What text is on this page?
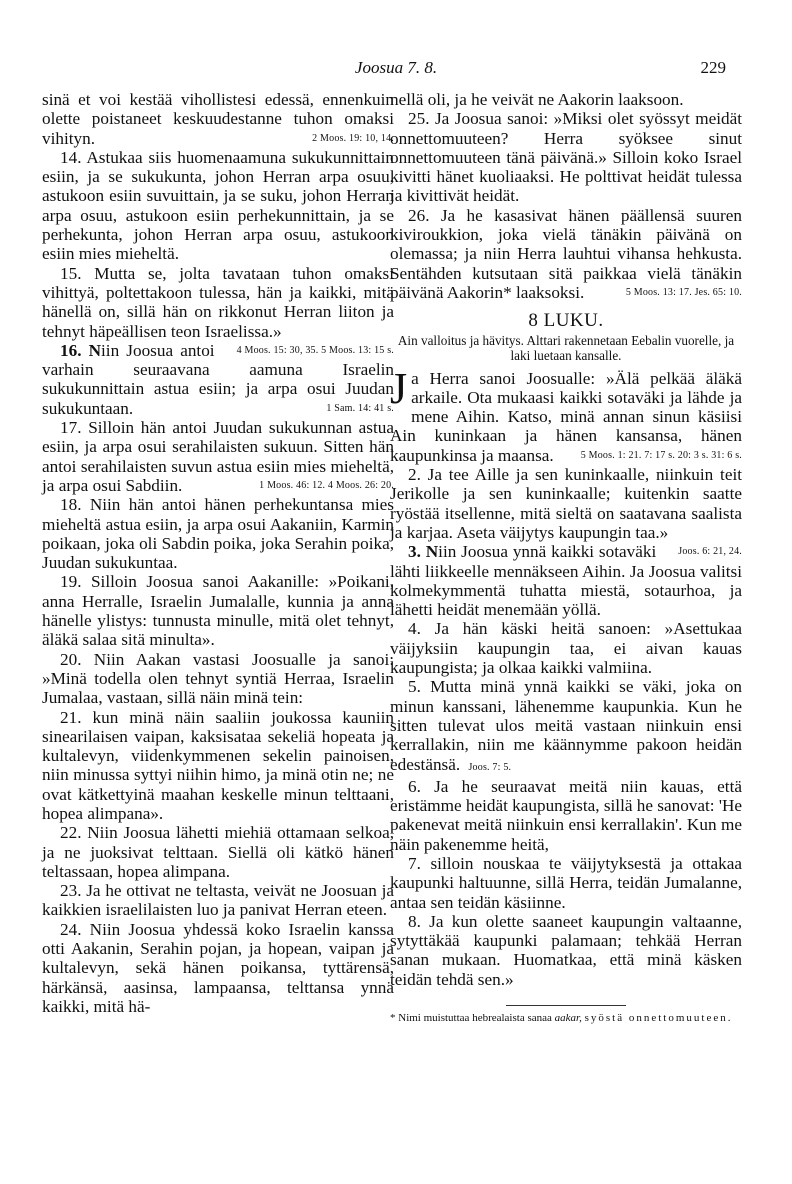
Joosua 7. 8.	229

sinä et voi kestää vihollistesi edessä, ennenkuin olette poistaneet keskuudestanne tuhon omaksi vihityn.	2 Moos. 19: 10, 14.

14. Astukaa siis huomenaamuna sukukunnittain esiin, ja se sukukunta, johon Herran arpa osuu, astukoon esiin suvuittain, ja se suku, johon Herran arpa osuu, astukoon esiin perhekunnittain, ja se perhekunta, johon Herran arpa osuu, astukoon esiin mies mieheltä.

15. Mutta se, jolta tavataan tuhon omaksi vihittyä, poltettakoon tulessa, hän ja kaikki, mitä hänellä on, sillä hän on rikkonut Herran liiton ja tehnyt häpeällisen teon Israelissa.»
4 Moos. 15: 30, 35. 5 Moos. 13: 15 s.

16. Niin Joosua antoi varhain seuraavana aamuna Israelin sukukunnittain astua esiin; ja arpa osui Juudan sukukuntaan.	1 Sam. 14: 41 s.

17. Silloin hän antoi Juudan sukukunnan astua esiin, ja arpa osui serahilaisten sukuun. Sitten hän antoi serahilaisten suvun astua esiin mies mieheltä, ja arpa osui Sabdiin.	1 Moos. 46: 12. 4 Moos. 26: 20.

18. Niin hän antoi hänen perhekuntansa mies mieheltä astua esiin, ja arpa osui Aakaniin, Karmin poikaan, joka oli Sabdin poika, joka Serahin poika, Juudan sukukuntaa.

19. Silloin Joosua sanoi Aakanille: »Poikani, anna Herralle, Israelin Jumalalle, kunnia ja anna hänelle ylistys: tunnusta minulle, mitä olet tehnyt, äläkä salaa sitä minulta».

20. Niin Aakan vastasi Joosualle ja sanoi: »Minä todella olen tehnyt syntiä Herraa, Israelin Jumalaa, vastaan, sillä näin minä tein:

21. kun minä näin saaliin joukossa kauniin sinearilaisen vaipan, kaksisataa sekeliä hopeata ja kultalevyn, viidenkymmenen sekelin painoisen, niin minussa syttyi niihin himo, ja minä otin ne; ne ovat kätkettyinä maahan keskelle minun telttaani, hopea alimpana».

22. Niin Joosua lähetti miehiä ottamaan selkoa, ja ne juoksivat telttaan. Siellä oli kätkö hänen teltassaan, hopea alimpana.

23. Ja he ottivat ne teltasta, veivät ne Joosuan ja kaikkien israelilaisten luo ja panivat Herran eteen.

24. Niin Joosua yhdessä koko Israelin kanssa otti Aakanin, Serahin pojan, ja hopean, vaipan ja kultalevyn, sekä hänen poikansa, tyttärensä, härkänsä, aasinsa, lampaansa, telttansa ynnä kaikki, mitä hä-

nellä oli, ja he veivät ne Aakorin laaksoon.

25. Ja Joosua sanoi: »Miksi olet syössyt meidät onnettomuuteen? Herra syöksee sinut onnettomuuteen tänä päivänä.» Silloin koko Israel kivitti hänet kuoliaaksi. He polttivat heidät tulessa ja kivittivät heidät.

26. Ja he kasasivat hänen päällensä suuren kiviroukkion, joka vielä tänäkin päivänä on olemassa; ja niin Herra lauhtui vihansa hehkusta. Sentähden kutsutaan sitä paikkaa vielä tänäkin päivänä Aakorin* laaksoksi.	5 Moos. 13: 17. Jes. 65: 10.

8 LUKU.
Ain valloitus ja hävitys. Alttari rakennetaan Eebalin vuorelle, ja laki luetaan kansalle.

Ja Herra sanoi Joosualle: »Älä pelkää äläkä arkaile. Ota mukaasi kaikki sotaväki ja lähde ja mene Aihin. Katso, minä annan sinun käsiisi Ain kuninkaan ja hänen kansansa, hänen kaupunkinsa ja maansa.	5 Moos. 1: 21. 7: 17 s. 20: 3 s. 31: 6 s.

2. Ja tee Aille ja sen kuninkaalle, niinkuin teit Jerikolle ja sen kuninkaalle; kuitenkin saatte ryöstää itsellenne, mitä sieltä on saatavana saalista ja karjaa. Aseta väijytys kaupungin taa.»
Joos. 6: 21, 24.

3. Niin Joosua ynnä kaikki sotaväki lähti liikkeelle mennäkseen Aihin. Ja Joosua valitsi kolmekymmentä tuhatta miestä, sotaurhoa, ja lähetti heidät menemään yöllä.

4. Ja hän käski heitä sanoen: »Asettukaa väijyksiin kaupungin taa, ei aivan kauas kaupungista; ja olkaa kaikki valmiina.

5. Mutta minä ynnä kaikki se väki, joka on minun kanssani, lähenemme kaupunkia. Kun he sitten tulevat ulos meitä vastaan niinkuin ensi kerrallakin, niin me käännymme pakoon heidän edestänsä. Joos. 7: 5.

6. Ja he seuraavat meitä niin kauas, että eristämme heidät kaupungista, sillä he sanovat: 'He pakenevat meitä niinkuin ensi kerrallakin'. Kun me näin pakenemme heitä,

7. silloin nouskaa te väijytyksestä ja ottakaa kaupunki haltuunne, sillä Herra, teidän Jumalanne, antaa sen teidän käsiinne.

8. Ja kun olette saaneet kaupungin valtaanne, sytyttäkää kaupunki palamaan; tehkää Herran sanan mukaan. Huomatkaa, että minä käsken teidän tehdä sen.»

* Nimi muistuttaa hebrealaista sanaa aakar, syöstä onnettomuuteen.
